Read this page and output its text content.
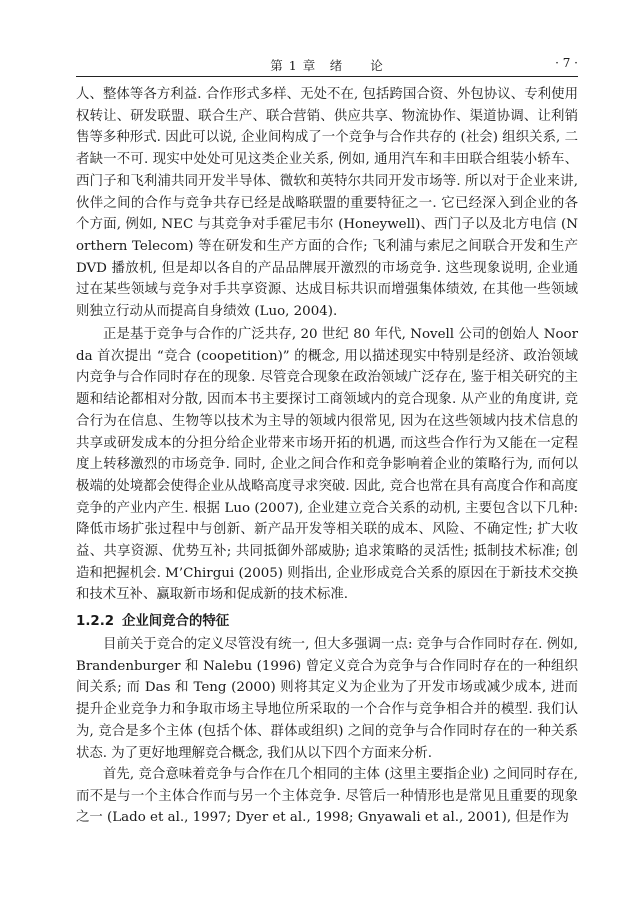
第 1 章　绪　　论	· 7 ·

人、整体等各方利益. 合作形式多样、无处不在, 包括跨国合资、外包协议、专利使用权转让、研发联盟、联合生产、联合营销、供应共享、物流协作、渠道协调、让利销售等多种形式. 因此可以说, 企业间构成了一个竞争与合作共存的 (社会) 组织关系, 二者缺一不可. 现实中处处可见这类企业关系, 例如, 通用汽车和丰田联合组装小轿车、西门子和飞利浦共同开发半导体、微软和英特尔共同开发市场等. 所以对于企业来讲, 伙伴之间的合作与竞争共存已经是战略联盟的重要特征之一. 它已经深入到企业的各个方面, 例如, NEC 与其竞争对手霍尼韦尔 (Honeywell)、西门子以及北方电信 (Northern Telecom) 等在研发和生产方面的合作; 飞利浦与索尼之间联合开发和生产 DVD 播放机, 但是却以各自的产品品牌展开激烈的市场竞争. 这些现象说明, 企业通过在某些领域与竞争对手共享资源、达成目标共识而增强集体绩效, 在其他一些领域则独立行动从而提高自身绩效 (Luo, 2004).

正是基于竞争与合作的广泛共存, 20 世纪 80 年代, Novell 公司的创始人 Noorda 首次提出 “竞合 (coopetition)” 的概念, 用以描述现实中特别是经济、政治领域内竞争与合作同时存在的现象. 尽管竞合现象在政治领域广泛存在, 鉴于相关研究的主题和结论都相对分散, 因而本书主要探讨工商领域内的竞合现象. 从产业的角度讲, 竞合行为在信息、生物等以技术为主导的领域内很常见, 因为在这些领域内技术信息的共享或研发成本的分担分给企业带来市场开拓的机遇, 而这些合作行为又能在一定程度上转移激烈的市场竞争. 同时, 企业之间合作和竞争影响着企业的策略行为, 而何以极端的处境都会使得企业从战略高度寻求突破. 因此, 竞合也常在具有高度合作和高度竞争的产业内产生. 根据 Luo (2007), 企业建立竞合关系的动机, 主要包含以下几种: 降低市场扩张过程中与创新、新产品开发等相关联的成本、风险、不确定性; 扩大收益、共享资源、优势互补; 共同抵御外部威胁; 追求策略的灵活性; 抵制技术标准; 创造和把握机会. M’Chirgui (2005) 则指出, 企业形成竞合关系的原因在于新技术交换和技术互补、赢取新市场和促成新的技术标准.

1.2.2 企业间竞合的特征

目前关于竞合的定义尽管没有统一, 但大多强调一点: 竞争与合作同时存在. 例如, Brandenburger 和 Nalebu (1996) 曾定义竞合为竞争与合作同时存在的一种组织间关系; 而 Das 和 Teng (2000) 则将其定义为企业为了开发市场或减少成本, 进而提升企业竞争力和争取市场主导地位所采取的一个合作与竞争相合并的模型. 我们认为, 竞合是多个主体 (包括个体、群体或组织) 之间的竞争与合作同时存在的一种关系状态. 为了更好地理解竞合概念, 我们从以下四个方面来分析.

首先, 竞合意味着竞争与合作在几个相同的主体 (这里主要指企业) 之间同时存在, 而不是与一个主体合作而与另一个主体竞争. 尽管后一种情形也是常见且重要的现象之一 (Lado et al., 1997; Dyer et al., 1998; Gnyawali et al., 2001), 但是作为
